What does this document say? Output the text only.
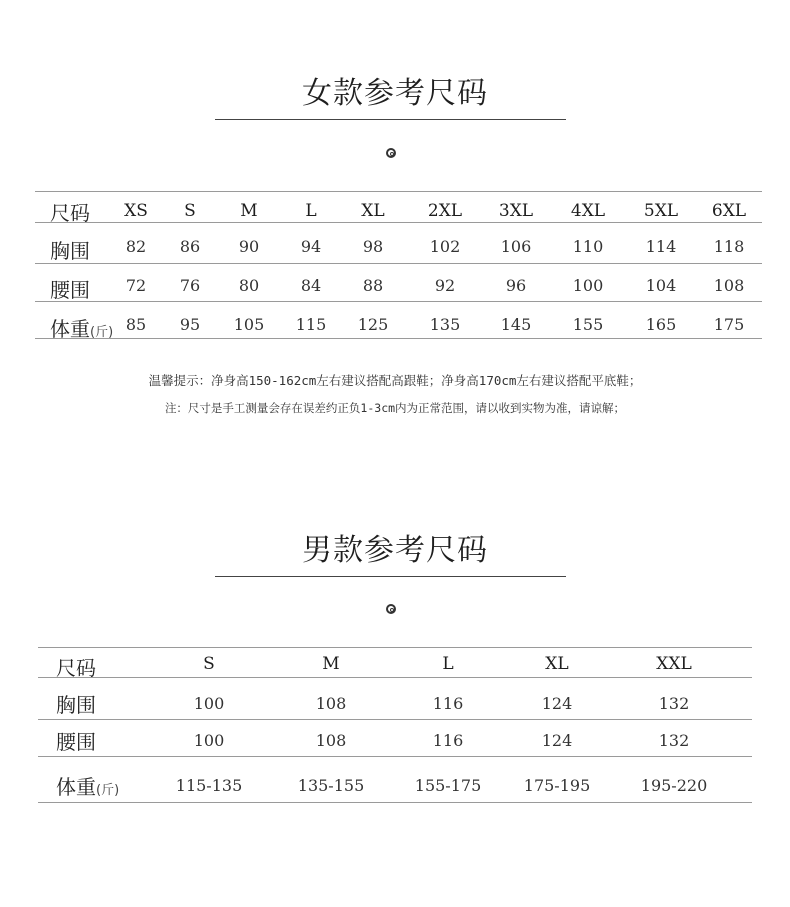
女款参考尺码
尺码 XS S	M	L	XL	2XL 3XL 4XL 5XL 6XL
胸围 82 86 90	94	98	102	106	110	114 118
腰围 72 76 80	84	88	92	96	100	104 108
体重(斤) 85 95 105 115 125	135	145	155	165 175
温馨提示：净身高150-162cm左右建议搭配高跟鞋；净身高170cm左右建议搭配平底鞋；
注：尺寸是手工测量会存在误差约正负1-3cm内为正常范围，请以收到实物为准，请谅解；
男款参考尺码
尺码	S	M	L	XL	XXL
胸围	100	108	116	124	132
腰围	100	108	116	124	132
体重(斤)	115-135	135-155	155-175	175-195	195-220
